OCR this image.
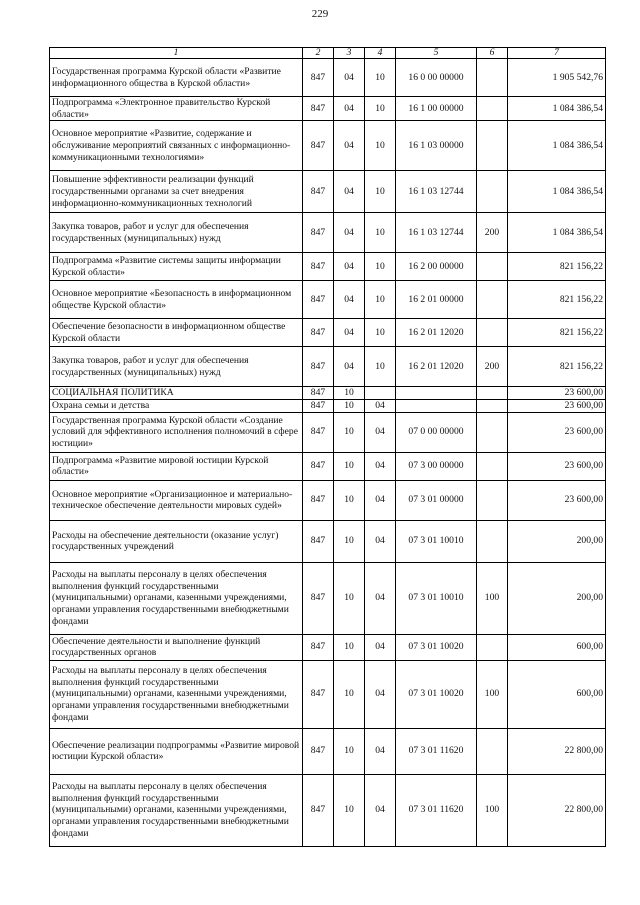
229
1	2	3	4	5	6	7
Государственная программа Курской области «Развитие информационного общества в Курской области»	847	04	10	16 0 00 00000		1 905 542,76
Подпрограмма «Электронное правительство Курской области»	847	04	10	16 1 00 00000		1 084 386,54
Основное мероприятие «Развитие, содержание и обслуживание мероприятий связанных с информационно-коммуникационными технологиями»	847	04	10	16 1 03 00000		1 084 386,54
Повышение эффективности реализации функций государственными органами за счет внедрения информационно-коммуникационных технологий	847	04	10	16 1 03 12744		1 084 386,54
Закупка товаров, работ и услуг для обеспечения государственных (муниципальных) нужд	847	04	10	16 1 03 12744	200	1 084 386,54
Подпрограмма «Развитие системы защиты информации Курской области»	847	04	10	16 2 00 00000		821 156,22
Основное мероприятие «Безопасность в информационном обществе Курской области»	847	04	10	16 2 01 00000		821 156,22
Обеспечение безопасности в информационном обществе Курской области	847	04	10	16 2 01 12020		821 156,22
Закупка товаров, работ и услуг для обеспечения государственных (муниципальных) нужд	847	04	10	16 2 01 12020	200	821 156,22
СОЦИАЛЬНАЯ ПОЛИТИКА	847	10				23 600,00
Охрана семьи и детства	847	10	04			23 600,00
Государственная программа Курской области «Создание условий для эффективного исполнения полномочий в сфере юстиции»	847	10	04	07 0 00 00000		23 600,00
Подпрограмма «Развитие мировой юстиции Курской области»	847	10	04	07 3 00 00000		23 600,00
Основное мероприятие «Организационное и материально-техническое обеспечение деятельности мировых судей»	847	10	04	07 3 01 00000		23 600,00
Расходы на обеспечение деятельности (оказание услуг) государственных учреждений	847	10	04	07 3 01 10010		200,00
Расходы на выплаты персоналу в целях обеспечения выполнения функций государственными (муниципальными) органами, казенными учреждениями, органами управления государственными внебюджетными фондами	847	10	04	07 3 01 10010	100	200,00
Обеспечение деятельности и выполнение функций государственных органов	847	10	04	07 3 01 10020		600,00
Расходы на выплаты персоналу в целях обеспечения выполнения функций государственными (муниципальными) органами, казенными учреждениями, органами управления государственными внебюджетными фондами	847	10	04	07 3 01 10020	100	600,00
Обеспечение реализации подпрограммы «Развитие мировой юстиции Курской области»	847	10	04	07 3 01 11620		22 800,00
Расходы на выплаты персоналу в целях обеспечения выполнения функций государственными (муниципальными) органами, казенными учреждениями, органами управления государственными внебюджетными фондами	847	10	04	07 3 01 11620	100	22 800,00
